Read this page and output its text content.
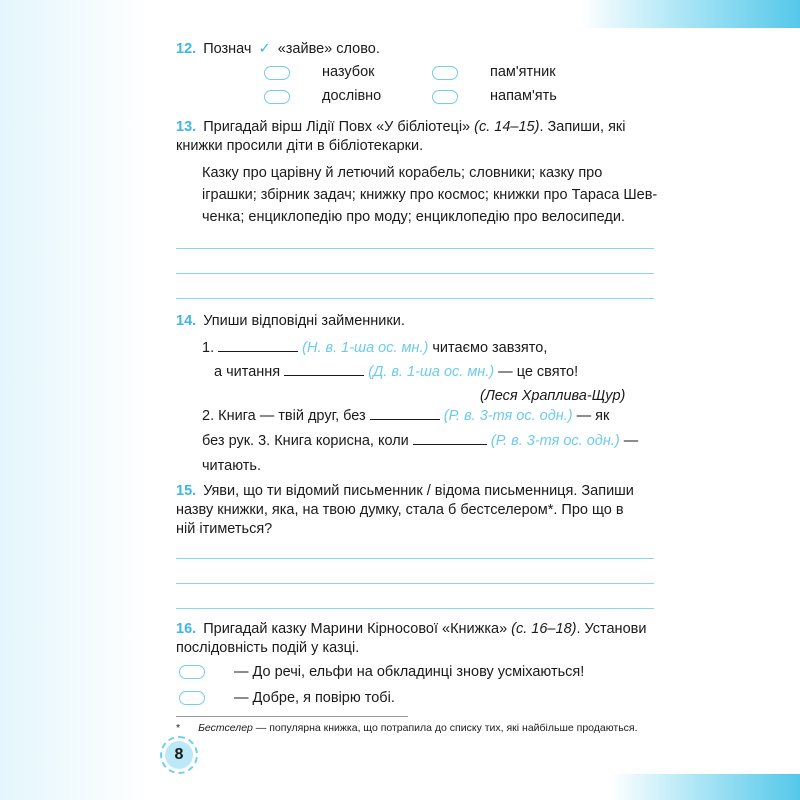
12. Познач ✓ «зайве» слово.

назубок	пам'ятник
дослівно	напам'ять

13. Пригадай вірш Лідії Повх «У бібліотеці» (с. 14–15). Запиши, які

книжки просили діти в бібліотекарки.

Казку про царівну й летючий корабель; словники; казку про

іграшки; збірник задач; книжку про космос; книжки про Тараса Шев-

ченка; енциклопедію про моду; енциклопедію про велосипеди.

14. Упиши відповідні займенники.

1.	(Н. в. 1-ша ос. мн.) читаємо завзято,

а читання	(Д. в. 1-ша ос. мн.) — це свято!

(Леся Храплива-Щур)

2. Книга — твій друг, без	(Р. в. 3-тя ос. одн.) — як

без рук. 3. Книга корисна, коли	(Р. в. 3-тя ос. одн.) —

читають.

15. Уяви, що ти відомий письменник / відома письменниця. Запиши

назву книжки, яка, на твою думку, стала б бестселером*. Про що в

ній ітиметься?

16. Пригадай казку Марини Кірносової «Книжка» (с. 16–18). Установи

послідовність подій у казці.

— До речі, ельфи на обкладинці знову усміхаються!
— Добре, я повірю тобі.
* Бестселер — популярна книжка, що потрапила до списку тих, які найбільше продаються.
8
